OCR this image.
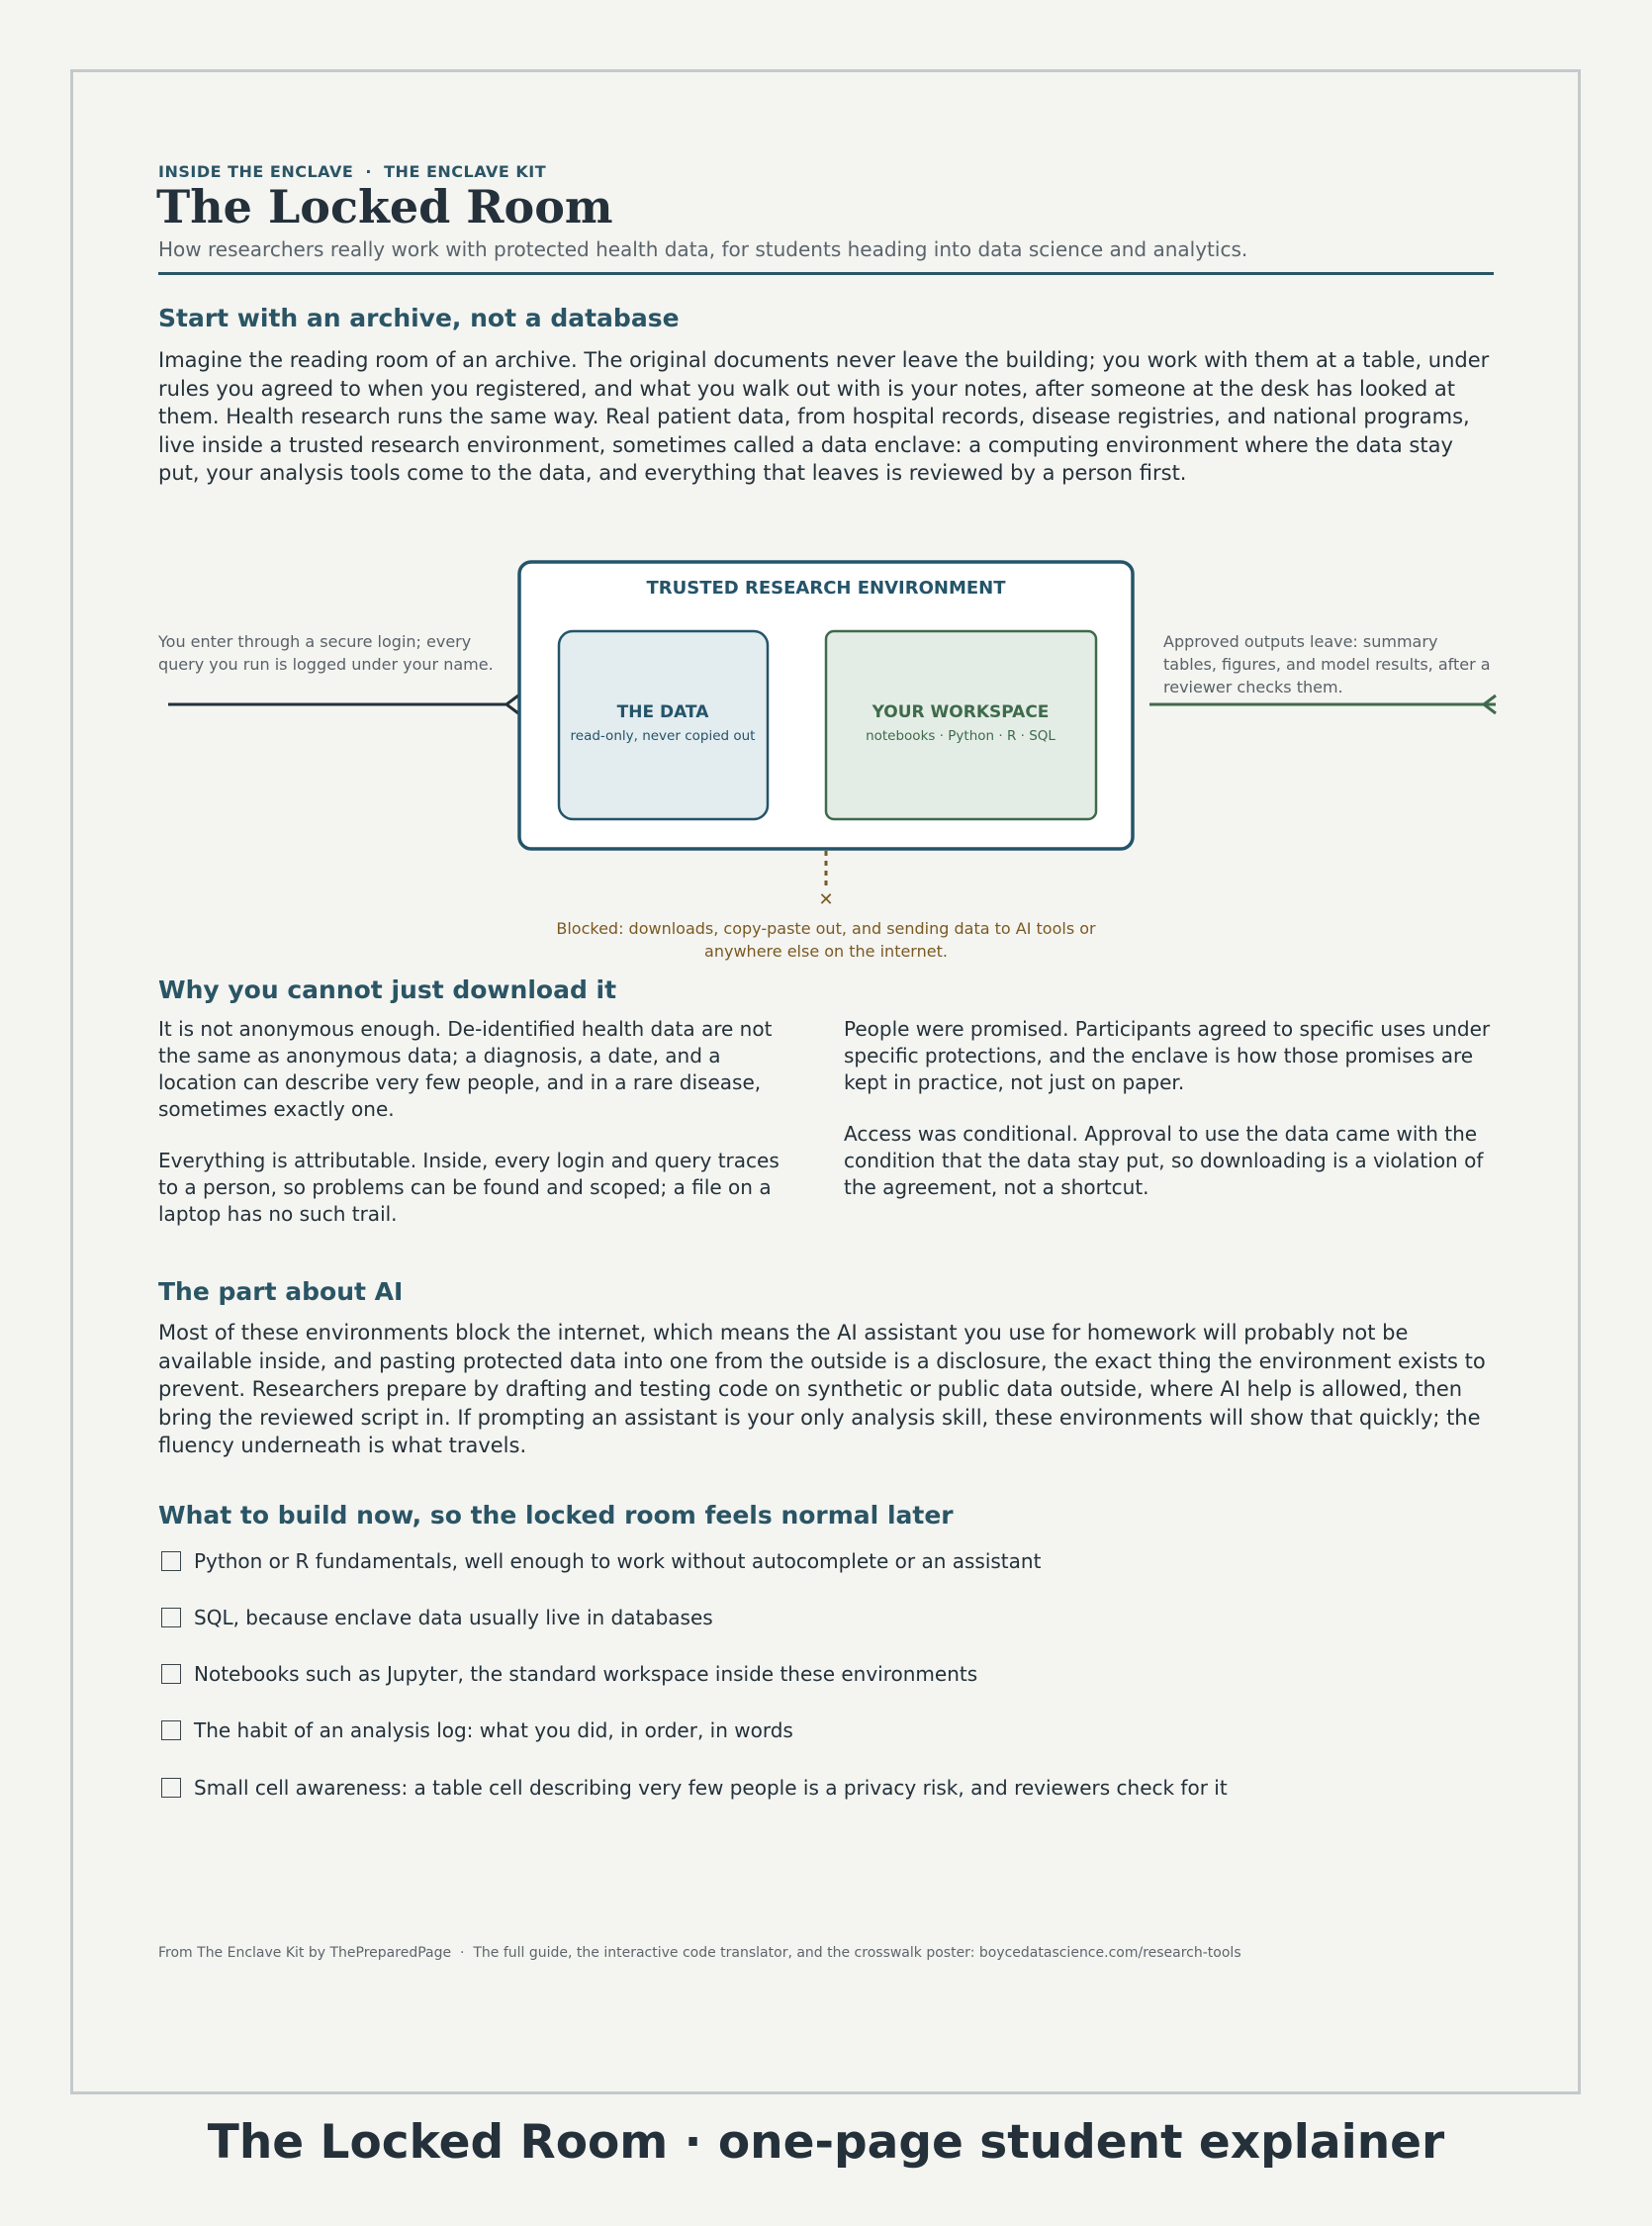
INSIDE THE ENCLAVE  ·  THE ENCLAVE KIT
The Locked Room
How researchers really work with protected health data, for students heading into data science and analytics.
Start with an archive, not a database
Imagine the reading room of an archive. The original documents never leave the building; you work with them at a table, under rules you agreed to when you registered, and what you walk out with is your notes, after someone at the desk has looked at them. Health research runs the same way. Real patient data, from hospital records, disease registries, and national programs, live inside a trusted research environment, sometimes called a data enclave: a computing environment where the data stay put, your analysis tools come to the data, and everything that leaves is reviewed by a person first.
TRUSTED RESEARCH ENVIRONMENT
THE DATA
read-only, never copied out
YOUR WORKSPACE
notebooks · Python · R · SQL
✕
You enter through a secure login; every query you run is logged under your name.
Approved outputs leave: summary tables, figures, and model results, after a reviewer checks them.
Blocked: downloads, copy-paste out, and sending data to AI tools or anywhere else on the internet.
Why you cannot just download it
It is not anonymous enough. De-identified health data are not the same as anonymous data; a diagnosis, a date, and a location can describe very few people, and in a rare disease, sometimes exactly one.
Everything is attributable. Inside, every login and query traces to a person, so problems can be found and scoped; a file on a laptop has no such trail.
People were promised. Participants agreed to specific uses under specific protections, and the enclave is how those promises are kept in practice, not just on paper.
Access was conditional. Approval to use the data came with the condition that the data stay put, so downloading is a violation of the agreement, not a shortcut.
The part about AI
Most of these environments block the internet, which means the AI assistant you use for homework will probably not be available inside, and pasting protected data into one from the outside is a disclosure, the exact thing the environment exists to prevent. Researchers prepare by drafting and testing code on synthetic or public data outside, where AI help is allowed, then bring the reviewed script in. If prompting an assistant is your only analysis skill, these environments will show that quickly; the fluency underneath is what travels.
What to build now, so the locked room feels normal later
Python or R fundamentals, well enough to work without autocomplete or an assistant
SQL, because enclave data usually live in databases
Notebooks such as Jupyter, the standard workspace inside these environments
The habit of an analysis log: what you did, in order, in words
Small cell awareness: a table cell describing very few people is a privacy risk, and reviewers check for it
From The Enclave Kit by ThePreparedPage  ·  The full guide, the interactive code translator, and the crosswalk poster: boycedatascience.com/research-tools
The Locked Room · one-page student explainer
